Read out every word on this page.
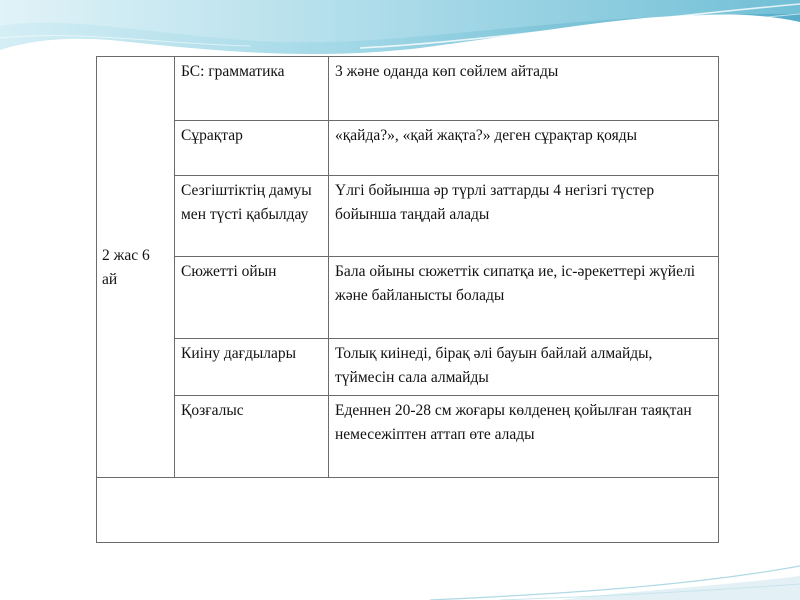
2 жас 6 ай	БС: грамматика	3 және оданда көп сөйлем айтады
	Сұрақтар	«қайда?», «қай жақта?» деген сұрақтар қояды
	Сезгіштіктің дамуы мен түсті қабылдау	Үлгі бойынша әр түрлі заттарды 4 негізгі түстер бойынша таңдай алады
	Сюжетті ойын	Бала ойыны сюжеттік сипатқа ие, іс-әрекеттері жүйелі және байланысты болады
	Киіну дағдылары	Толық киінеді, бірақ әлі бауын байлай алмайды, түймесін сала алмайды
	Қозғалыс	Еденнен 20-28 см жоғары көлденең қойылған таяқтан немесежіптен аттап өте алады
